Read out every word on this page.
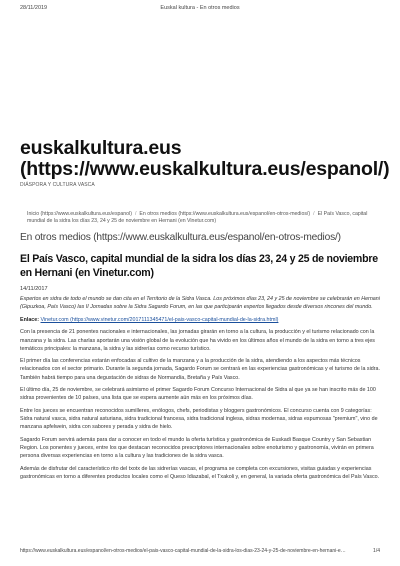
28/11/2019	Euskal kultura - En otros medios
euskalkultura.eus (https://www.euskalkultura.eus/espanol/)
DIÁSPORA Y CULTURA VASCA
Inicio (https://www.euskalkultura.eus/espanol) / En otros medios (https://www.euskalkultura.eus/espanol/en-otros-medios/) / El País Vasco, capital mundial de la sidra los días 23, 24 y 25 de noviembre en Hernani (en Vinetur.com)
En otros medios (https://www.euskalkultura.eus/espanol/en-otros-medios/)
El País Vasco, capital mundial de la sidra los días 23, 24 y 25 de noviembre en Hernani (en Vinetur.com)
14/11/2017

Expertos en sidra de todo el mundo se dan cita en el Territorio de la Sidra Vasca. Los próximos días 23, 24 y 25 de noviembre se celebrarán en Hernani (Gipuzkoa, País Vasco) las II Jornadas sobre la Sidra Sagardo Forum, en las que participarán expertos llegados desde diversos rincones del mundo.

Enlace: Vinetur.com (https://www.vinetur.com/2017111345471/el-pais-vasco-capital-mundial-de-la-sidra.html)

Con la presencia de 21 ponentes nacionales e internacionales, las jornadas girarán en torno a la cultura, la producción y el turismo relacionado con la manzana y la sidra. Las charlas aportarán una visión global de la evolución que ha vivido en los últimos años el mundo de la sidra en torno a tres ejes temáticos principales: la manzana, la sidra y las sidrerías como recurso turístico.

El primer día las conferencias estarán enfocadas al cultivo de la manzana y a la producción de la sidra, atendiendo a los aspectos más técnicos relacionados con el sector primario. Durante la segunda jornada, Sagardo Forum se centrará en las experiencias gastronómicas y el turismo de la sidra. También habrá tiempo para una degustación de sidras de Normandía, Bretaña y País Vasco.

El último día, 25 de noviembre, se celebrará asimismo el primer Sagardo Forum Concurso Internacional de Sidra al que ya se han inscrito más de 100 sidras provenientes de 10 países, una lista que se espera aumente aún más en los próximos días.

Entre los jueces se encuentran reconocidos sumilleres, enólogos, chefs, periodistas y bloggers gastronómicos. El concurso cuenta con 9 categorías: Sidra natural vasca, sidra natural asturiana, sidra tradicional francesa, sidra tradicional inglesa, sidras modernas, sidras espumosas "premium", vino de manzana apfelwein, sidra con sabores y perada y sidra de hielo.

Sagardo Forum servirá además para dar a conocer en todo el mundo la oferta turística y gastronómica de Euskadi Basque Country y San Sebastian Region. Los ponentes y jueces, entre los que destacan reconocidos prescriptores internacionales sobre enoturismo y gastronomía, vivirán en primera persona diversas experiencias en torno a la cultura y las tradiciones de la sidra vasca.

Además de disfrutar del característico rito del txotx de las sidrerías vascas, el programa se completa con excursiones, visitas guiadas y experiencias gastronómicas en torno a diferentes productos locales como el Queso Idiazabal, el Txakoli y, en general, la variada oferta gastronómica del País Vasco.

https://www.euskalkultura.eus/espanol/en-otros-medios/el-pais-vasco-capital-mundial-de-la-sidra-los-dias-23-24-y-25-de-noviembre-en-hernani-e…	1/4
